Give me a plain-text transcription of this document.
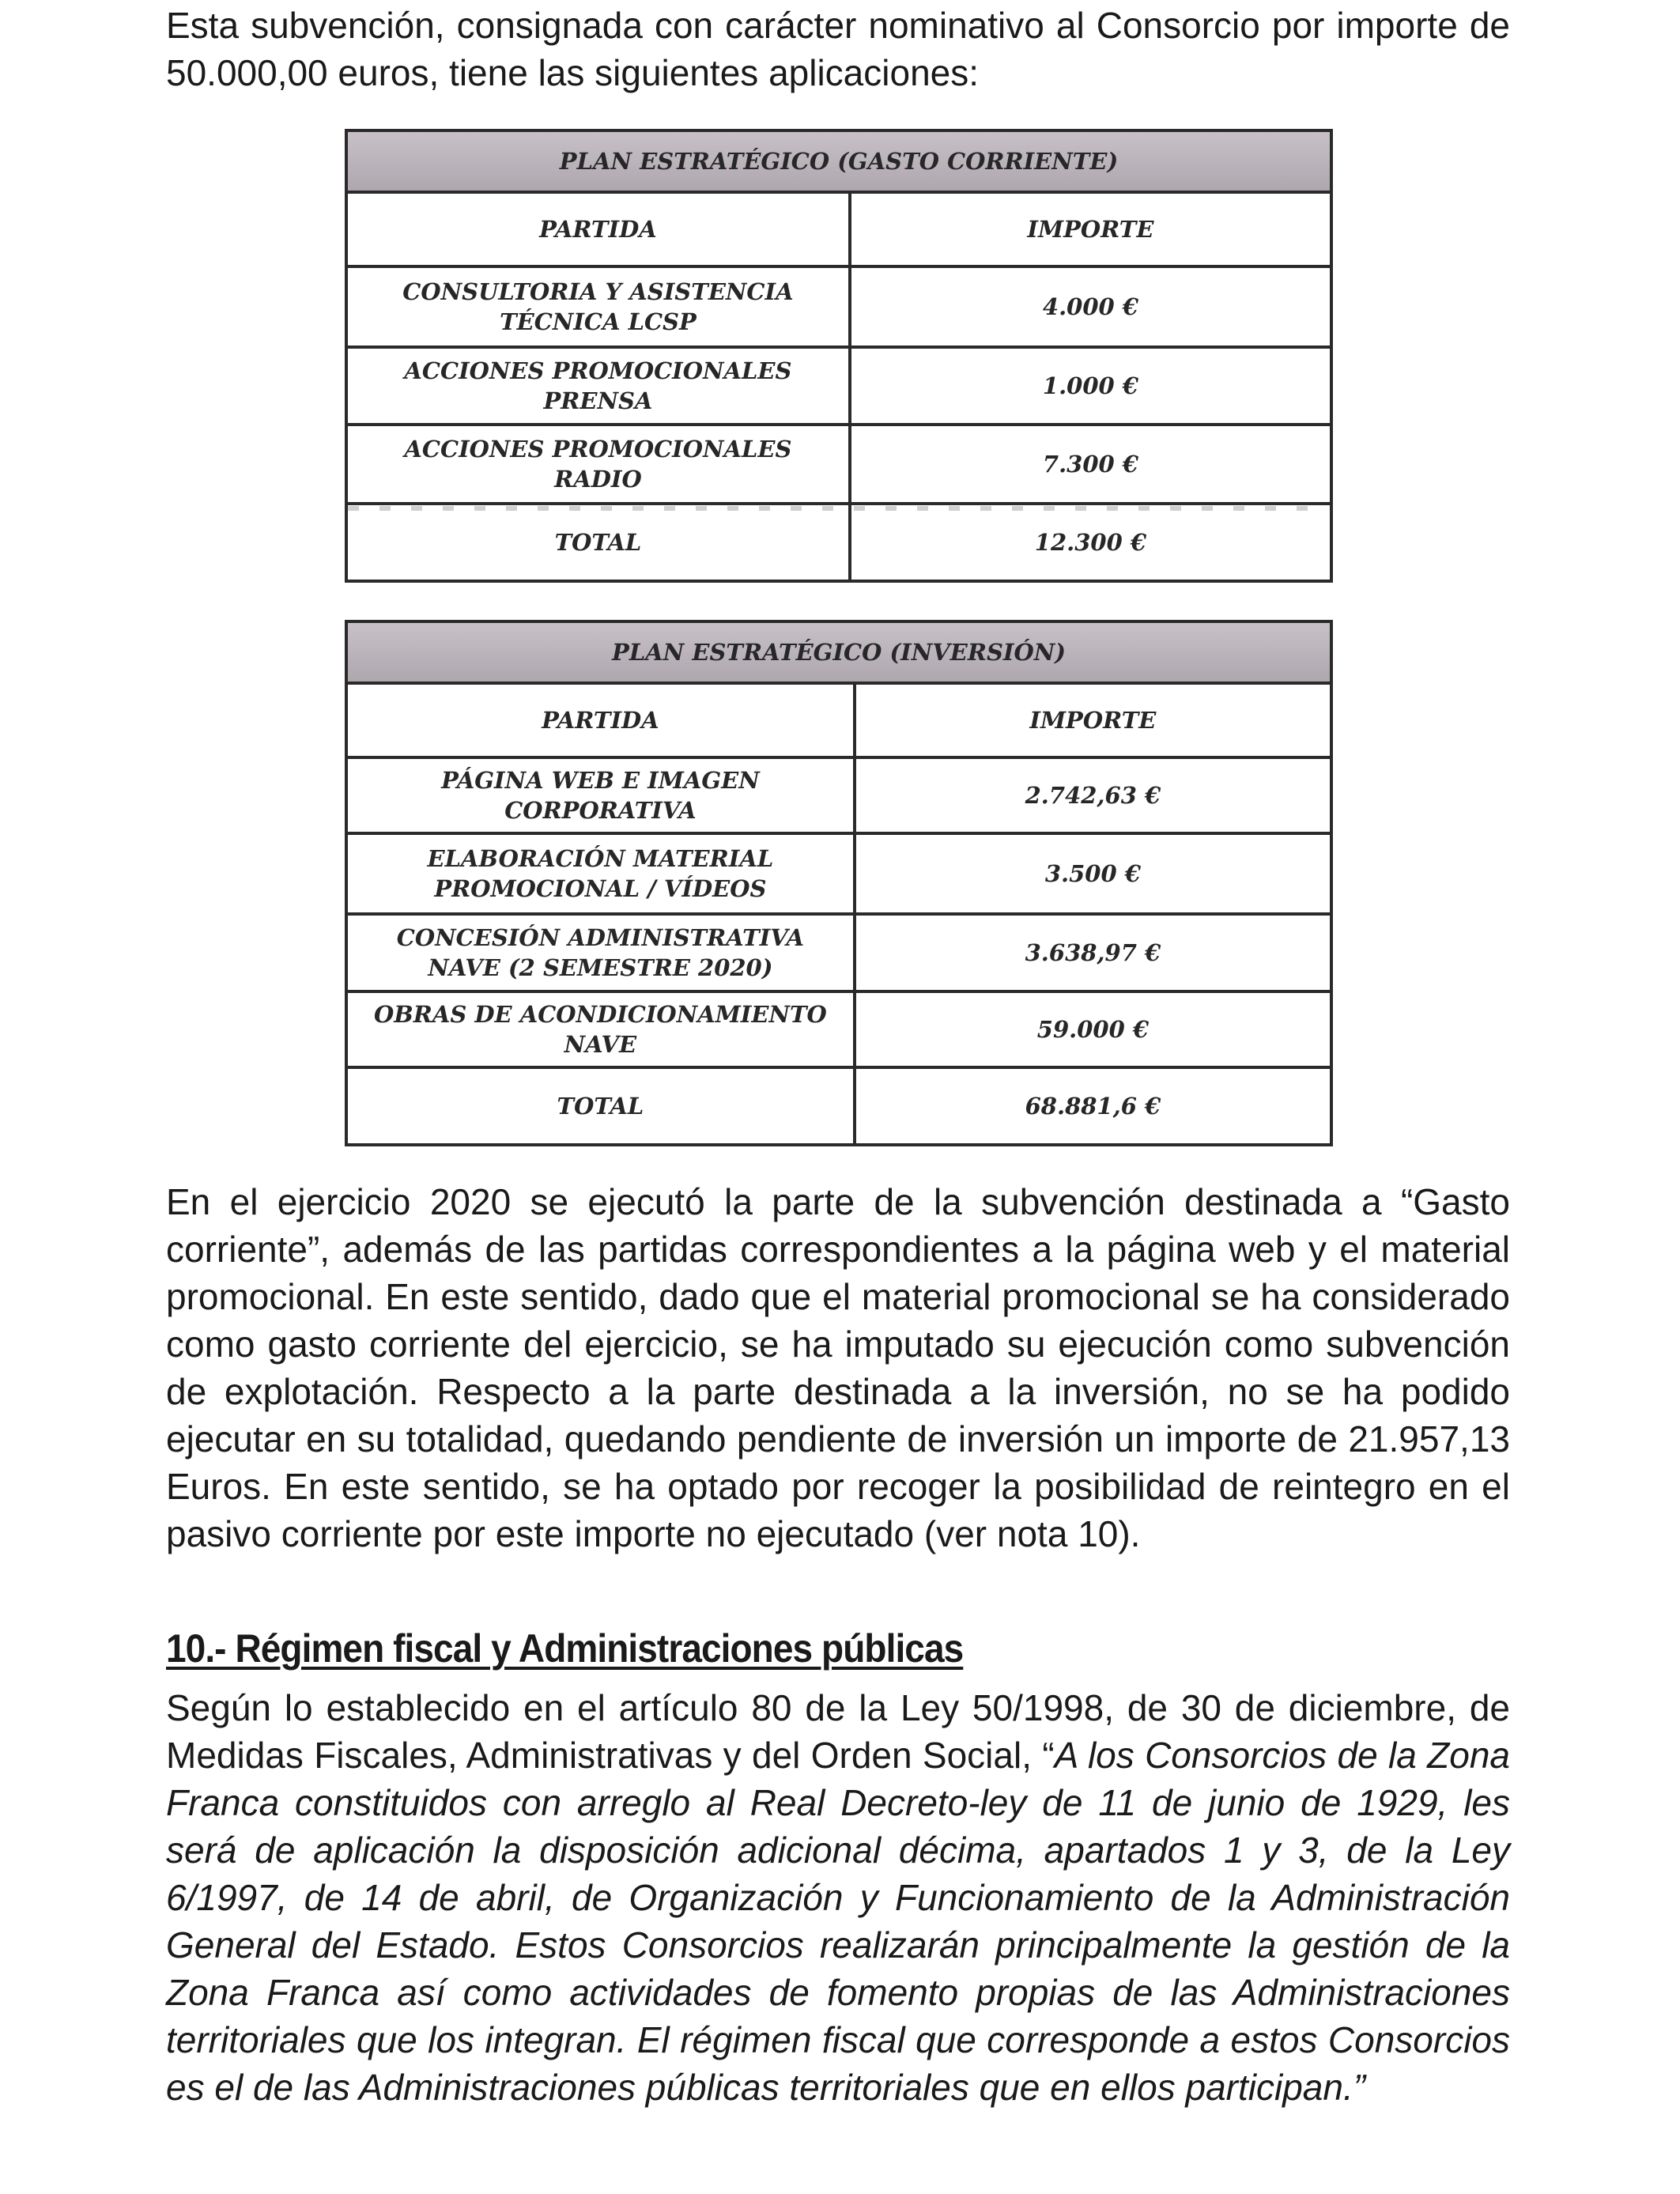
Esta subvención, consignada con carácter nominativo al Consorcio por importe de 50.000,00 euros, tiene las siguientes aplicaciones:

PLAN ESTRATÉGICO (GASTO CORRIENTE)	
PARTIDA	IMPORTE
CONSULTORIA Y ASISTENCIA TÉCNICA LCSP	4.000 €
ACCIONES PROMOCIONALES PRENSA	1.000 €
ACCIONES PROMOCIONALES RADIO	7.300 €
TOTAL	12.300 €
PLAN ESTRATÉGICO (INVERSIÓN)	
PARTIDA	IMPORTE
PÁGINA WEB E IMAGEN CORPORATIVA	2.742,63 €
ELABORACIÓN MATERIAL PROMOCIONAL / VÍDEOS	3.500 €
CONCESIÓN ADMINISTRATIVA NAVE (2 SEMESTRE 2020)	3.638,97 €
OBRAS DE ACONDICIONAMIENTO NAVE	59.000 €
TOTAL	68.881,6 €

En el ejercicio 2020 se ejecutó la parte de la subvención destinada a “Gasto corriente”, además de las partidas correspondientes a la página web y el material promocional. En este sentido, dado que el material promocional se ha considerado como gasto corriente del ejercicio, se ha imputado su ejecución como subvención de explotación. Respecto a la parte destinada a la inversión, no se ha podido ejecutar en su totalidad, quedando pendiente de inversión un importe de 21.957,13 Euros. En este sentido, se ha optado por recoger la posibilidad de reintegro en el pasivo corriente por este importe no ejecutado (ver nota 10).

10.- Régimen fiscal y Administraciones públicas

Según lo establecido en el artículo 80 de la Ley 50/1998, de 30 de diciembre, de Medidas Fiscales, Administrativas y del Orden Social, “A los Consorcios de la Zona Franca constituidos con arreglo al Real Decreto-ley de 11 de junio de 1929, les será de aplicación la disposición adicional décima, apartados 1 y 3, de la Ley 6/1997, de 14 de abril, de Organización y Funcionamiento de la Administración General del Estado. Estos Consorcios realizarán principalmente la gestión de la Zona Franca así como actividades de fomento propias de las Administraciones territoriales que los integran. El régimen fiscal que corresponde a estos Consorcios es el de las Administraciones públicas territoriales que en ellos participan.”
